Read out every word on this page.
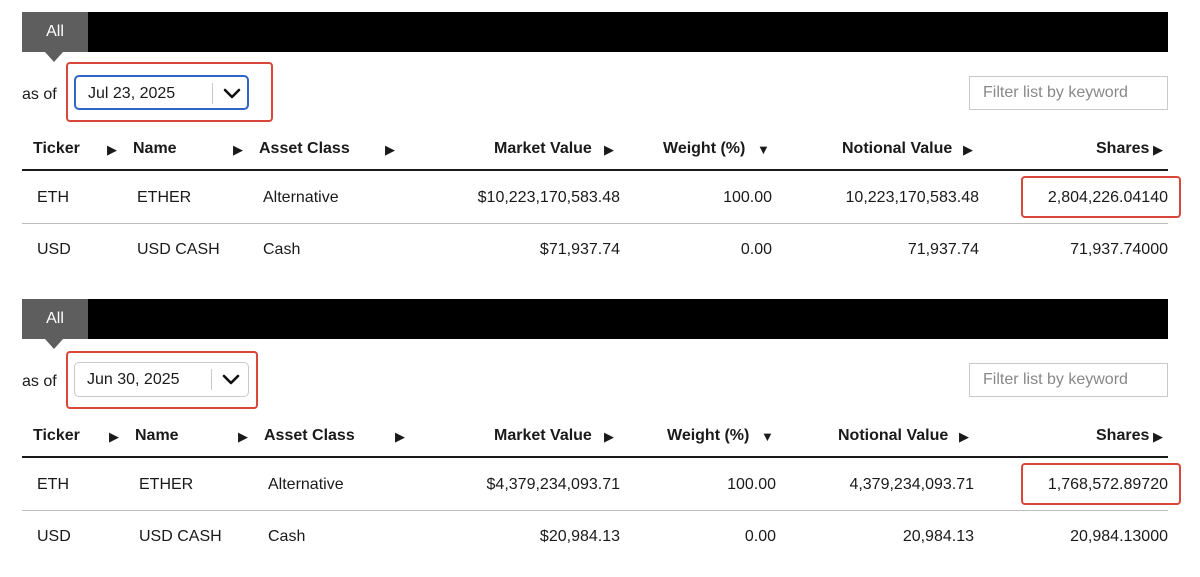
All
as of Jul 23, 2025
Filter list by keyword
Ticker ▶ Name	▶ Asset Class	▶	Market Value ▶	Weight (%) ▼	Notional Value ▶	Shares ▶
ETH	ETHER	Alternative	$10,223,170,583.48	100.00	10,223,170,583.48	2,804,226.04140
USD	USD CASH	Cash	$71,937.74	0.00	71,937.74	71,937.74000
All
as of Jun 30, 2025
Filter list by keyword
Ticker ▶ Name	▶ Asset Class	▶	Market Value ▶	Weight (%) ▼	Notional Value ▶	Shares ▶
ETH	ETHER	Alternative	$4,379,234,093.71	100.00	4,379,234,093.71	1,768,572.89720
USD	USD CASH	Cash	$20,984.13	0.00	20,984.13	20,984.13000
